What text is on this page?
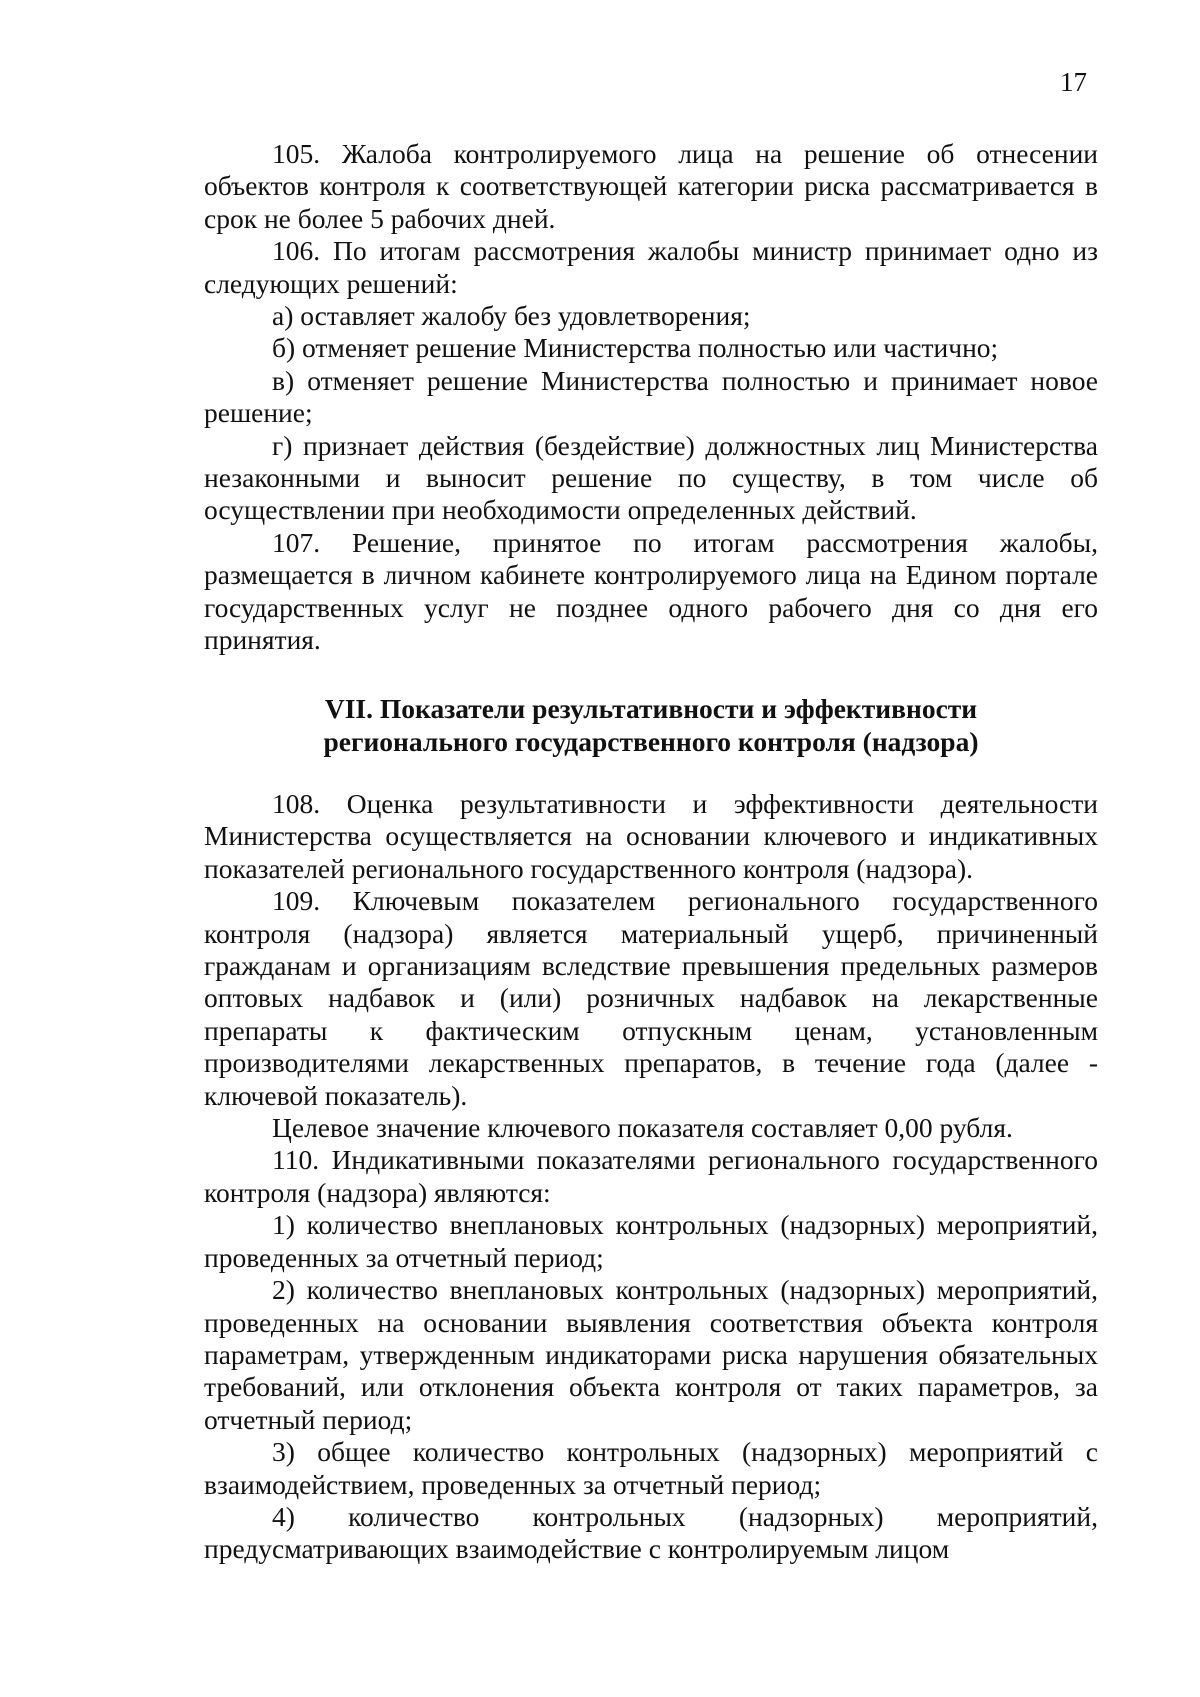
17

105. Жалоба контролируемого лица на решение об отнесении объектов контроля к соответствующей категории риска рассматривается в срок не более 5 рабочих дней.

106. По итогам рассмотрения жалобы министр принимает одно из следующих решений:

а) оставляет жалобу без удовлетворения;

б) отменяет решение Министерства полностью или частично;

в) отменяет решение Министерства полностью и принимает новое решение;

г) признает действия (бездействие) должностных лиц Министерства незаконными и выносит решение по существу, в том числе об осуществлении при необходимости определенных действий.

107. Решение, принятое по итогам рассмотрения жалобы, размещается в личном кабинете контролируемого лица на Едином портале государственных услуг не позднее одного рабочего дня со дня его принятия.

VII. Показатели результативности и эффективности
регионального государственного контроля (надзора)

108. Оценка результативности и эффективности деятельности Министерства осуществляется на основании ключевого и индикативных показателей регионального государственного контроля (надзора).

109. Ключевым показателем регионального государственного контроля (надзора) является материальный ущерб, причиненный гражданам и организациям вследствие превышения предельных размеров оптовых надбавок и (или) розничных надбавок на лекарственные препараты к фактическим отпускным ценам, установленным производителями лекарственных препаратов, в течение года (далее - ключевой показатель).

Целевое значение ключевого показателя составляет 0,00 рубля.

110. Индикативными показателями регионального государственного контроля (надзора) являются:

1) количество внеплановых контрольных (надзорных) мероприятий, проведенных за отчетный период;

2) количество внеплановых контрольных (надзорных) мероприятий, проведенных на основании выявления соответствия объекта контроля параметрам, утвержденным индикаторами риска нарушения обязательных требований, или отклонения объекта контроля от таких параметров, за отчетный период;

3) общее количество контрольных (надзорных) мероприятий с взаимодействием, проведенных за отчетный период;

4) количество контрольных (надзорных) мероприятий, предусматривающих взаимодействие с контролируемым лицом
